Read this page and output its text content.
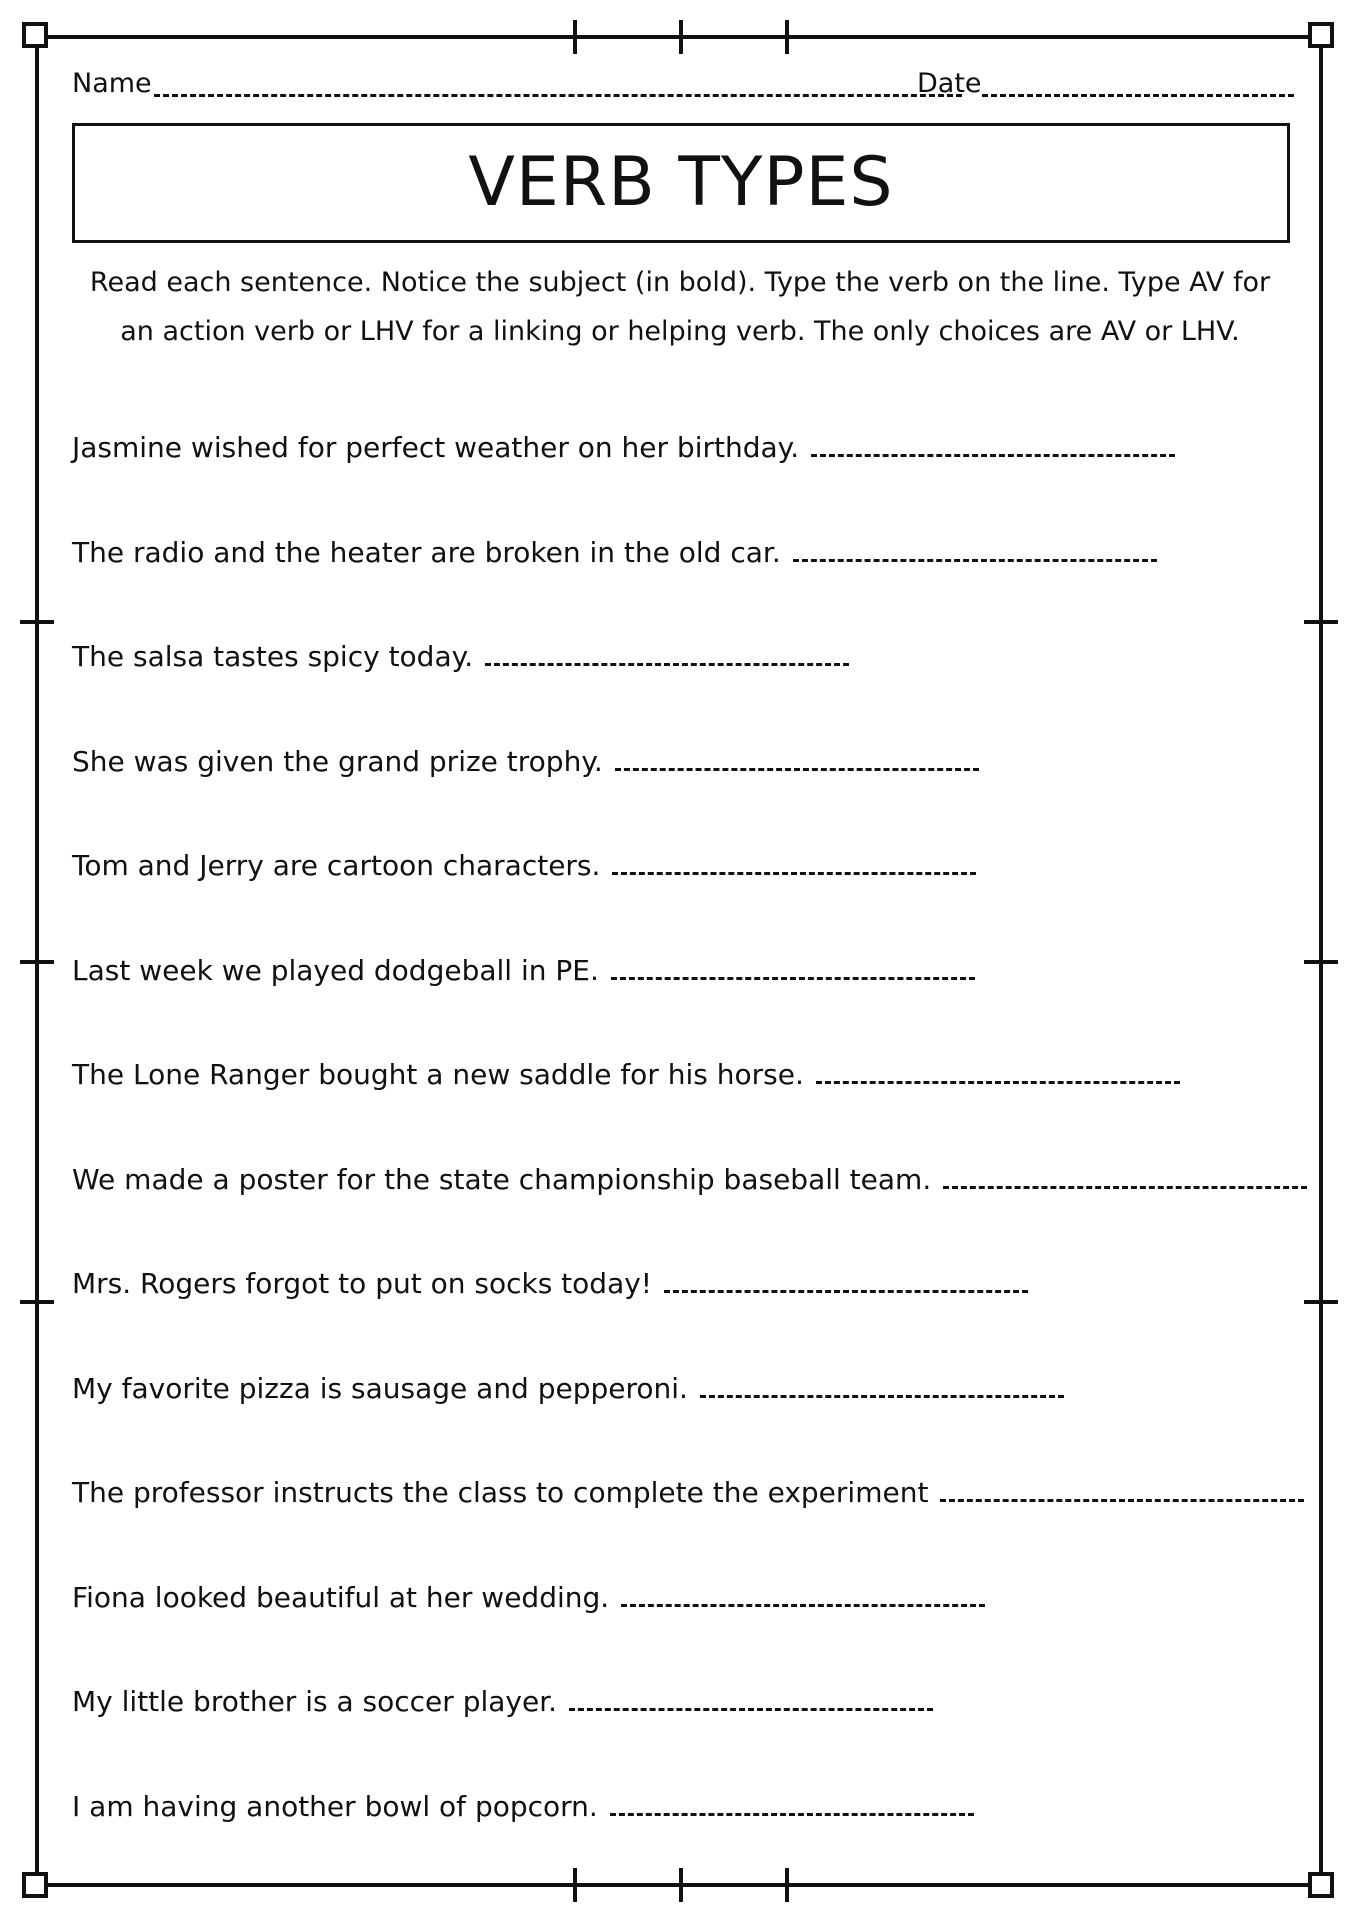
Name	Date
VERB TYPES
Read each sentence. Notice the subject (in bold). Type the verb on the line. Type AV for an action verb or LHV for a linking or helping verb. The only choices are AV or LHV.
Jasmine wished for perfect weather on her birthday.
The radio and the heater are broken in the old car.
The salsa tastes spicy today.
She was given the grand prize trophy.
Tom and Jerry are cartoon characters.
Last week we played dodgeball in PE.
The Lone Ranger bought a new saddle for his horse.
We made a poster for the state championship baseball team.
Mrs. Rogers forgot to put on socks today!
My favorite pizza is sausage and pepperoni.
The professor instructs the class to complete the experiment
Fiona looked beautiful at her wedding.
My little brother is a soccer player.
I am having another bowl of popcorn.
